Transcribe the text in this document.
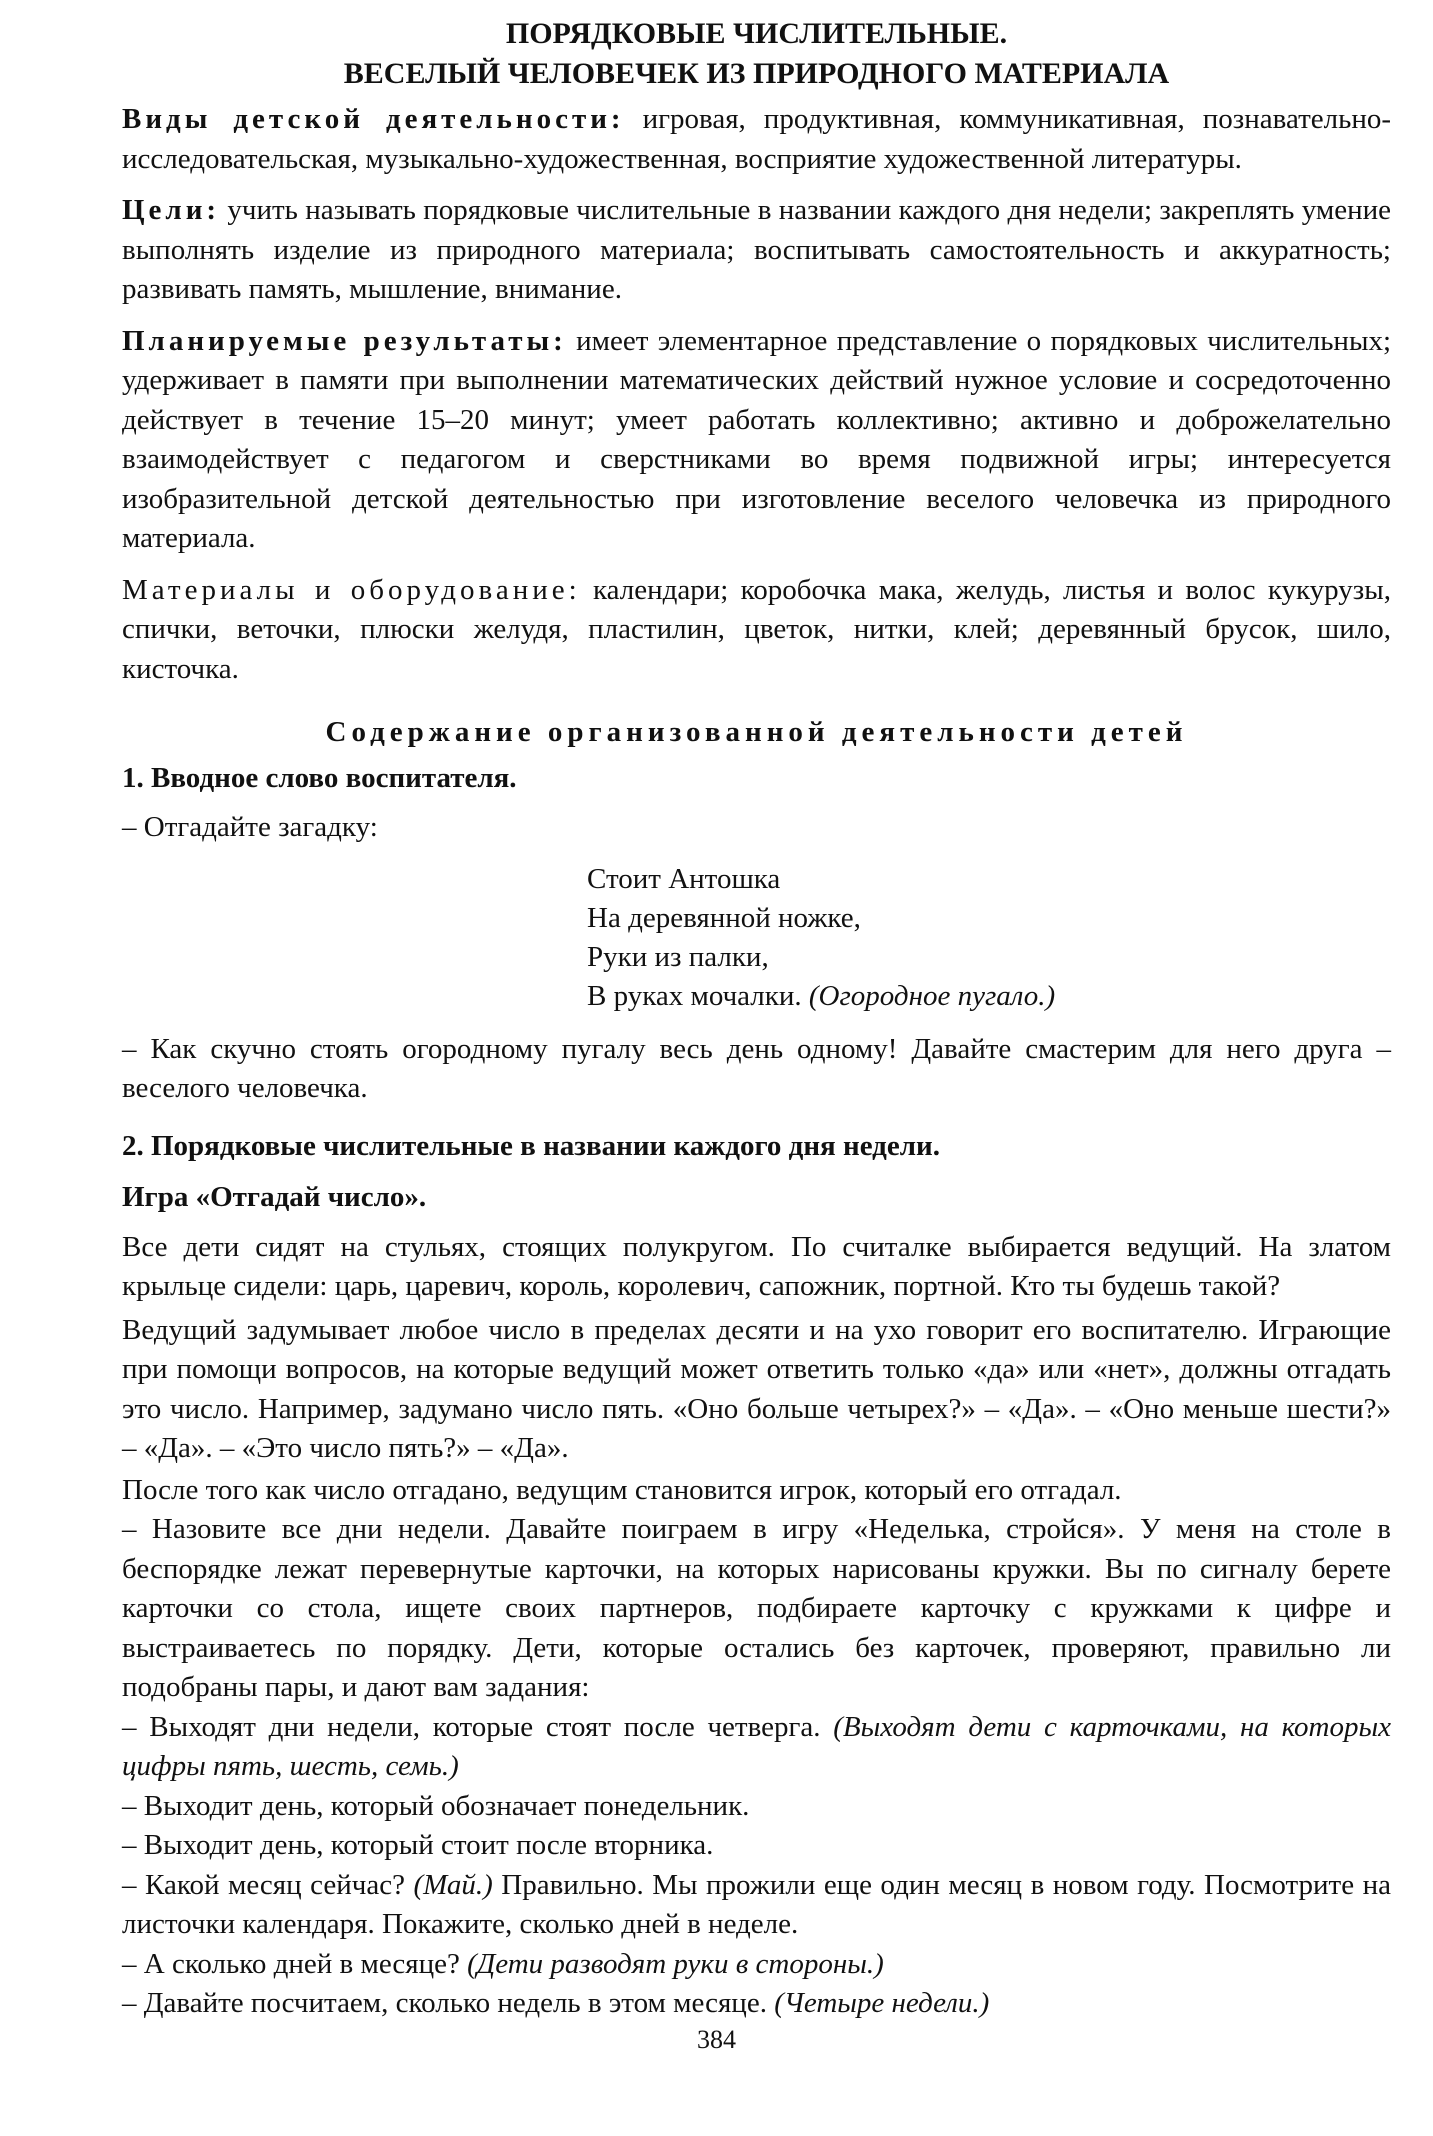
ПОРЯДКОВЫЕ ЧИСЛИТЕЛЬНЫЕ.
ВЕСЕЛЫЙ ЧЕЛОВЕЧЕК ИЗ ПРИРОДНОГО МАТЕРИАЛА

Виды детской деятельности: игровая, продуктивная, коммуникативная, познавательно-исследовательская, музыкально-художественная, восприятие художественной литературы.

Цели: учить называть порядковые числительные в названии каждого дня недели; закреплять умение выполнять изделие из природного материала; воспитывать самостоятельность и аккуратность; развивать память, мышление, внимание.

Планируемые результаты: имеет элементарное представление о порядковых числительных; удерживает в памяти при выполнении математических действий нужное условие и сосредоточенно действует в течение 15–20 минут; умеет работать коллективно; активно и доброжелательно взаимодействует с педагогом и сверстниками во время подвижной игры; интересуется изобразительной детской деятельностью при изготовление веселого человечка из природного материала.

Материалы и оборудование: календари; коробочка мака, желудь, листья и волос кукурузы, спички, веточки, плюски желудя, пластилин, цветок, нитки, клей; деревянный брусок, шило, кисточка.

Содержание организованной деятельности детей

1. Вводное слово воспитателя.

– Отгадайте загадку:

Стоит Антошка
На деревянной ножке,
Руки из палки,
В руках мочалки. (Огородное пугало.)

– Как скучно стоять огородному пугалу весь день одному! Давайте смастерим для него друга – веселого человечка.

2. Порядковые числительные в названии каждого дня недели.

Игра «Отгадай число».

Все дети сидят на стульях, стоящих полукругом. По считалке выбирается ведущий. На златом крыльце сидели: царь, царевич, король, королевич, сапожник, портной. Кто ты будешь такой?

Ведущий задумывает любое число в пределах десяти и на ухо говорит его воспитателю. Играющие при помощи вопросов, на которые ведущий может ответить только «да» или «нет», должны отгадать это число. Например, задумано число пять. «Оно больше четырех?» – «Да». – «Оно меньше шести?» – «Да». – «Это число пять?» – «Да».

После того как число отгадано, ведущим становится игрок, который его отгадал.

– Назовите все дни недели. Давайте поиграем в игру «Неделька, стройся». У меня на столе в беспорядке лежат перевернутые карточки, на которых нарисованы кружки. Вы по сигналу берете карточки со стола, ищете своих партнеров, подбираете карточку с кружками к цифре и выстраиваетесь по порядку. Дети, которые остались без карточек, проверяют, правильно ли подобраны пары, и дают вам задания:

– Выходят дни недели, которые стоят после четверга. (Выходят дети с карточками, на которых цифры пять, шесть, семь.)

– Выходит день, который обозначает понедельник.

– Выходит день, который стоит после вторника.

– Какой месяц сейчас? (Май.) Правильно. Мы прожили еще один месяц в новом году. Посмотрите на листочки календаря. Покажите, сколько дней в неделе.

– А сколько дней в месяце? (Дети разводят руки в стороны.)

– Давайте посчитаем, сколько недель в этом месяце. (Четыре недели.)

384
